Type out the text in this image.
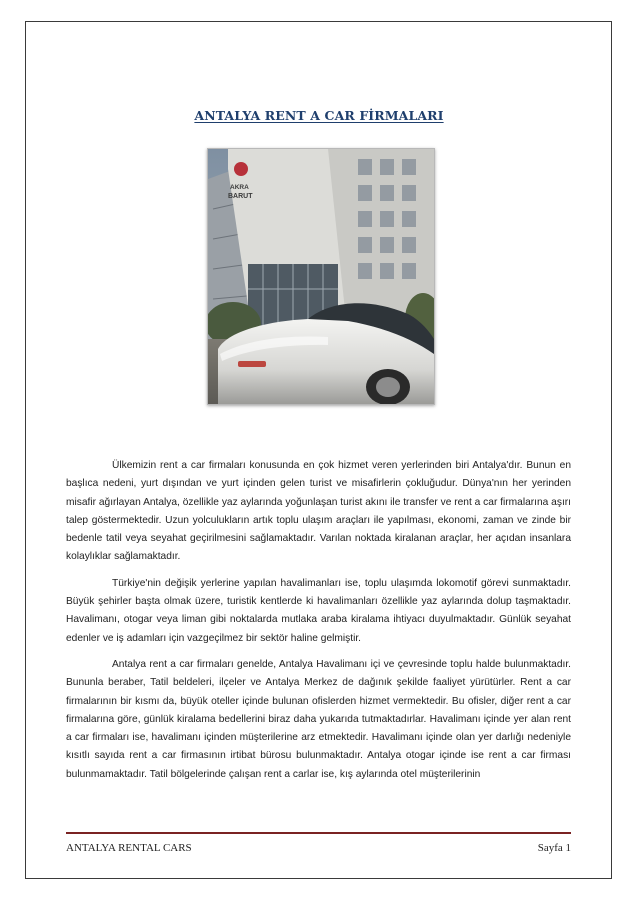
ANTALYA RENT A CAR FİRMALARI
AKRA
BARUT

Ülkemizin rent a car firmaları konusunda en çok hizmet veren yerlerinden biri Antalya'dır. Bunun en başlıca nedeni, yurt dışından ve yurt içinden gelen turist ve misafirlerin çokluğudur. Dünya'nın her yerinden misafir ağırlayan Antalya, özellikle yaz aylarında yoğunlaşan turist akını ile transfer ve rent a car firmalarına aşırı talep göstermektedir. Uzun yolculukların artık toplu ulaşım araçları ile yapılması, ekonomi, zaman ve zinde bir bedenle tatil veya seyahat geçirilmesini sağlamaktadır. Varılan noktada kiralanan araçlar, her açıdan insanlara kolaylıklar sağlamaktadır.

Türkiye'nin değişik yerlerine yapılan havalimanları ise, toplu ulaşımda lokomotif görevi sunmaktadır. Büyük şehirler başta olmak üzere, turistik kentlerde ki havalimanları özellikle yaz aylarında dolup taşmaktadır. Havalimanı, otogar veya liman gibi noktalarda mutlaka araba kiralama ihtiyacı duyulmaktadır. Günlük seyahat edenler ve iş adamları için vazgeçilmez bir sektör haline gelmiştir.

Antalya rent a car firmaları genelde, Antalya Havalimanı içi ve çevresinde toplu halde bulunmaktadır. Bununla beraber, Tatil beldeleri, ilçeler ve Antalya Merkez de dağınık şekilde faaliyet yürütürler. Rent a car firmalarının bir kısmı da, büyük oteller içinde bulunan ofislerden hizmet vermektedir. Bu ofisler, diğer rent a car firmalarına göre, günlük kiralama bedellerini biraz daha yukarıda tutmaktadırlar. Havalimanı içinde yer alan rent a car firmaları ise, havalimanı içinden müşterilerine arz etmektedir. Havalimanı içinde olan yer darlığı nedeniyle kısıtlı sayıda rent a car firmasının irtibat bürosu bulunmaktadır. Antalya otogar içinde ise rent a car firması bulunmamaktadır. Tatil bölgelerinde çalışan rent a carlar ise, kış aylarında otel müşterilerinin

ANTALYA RENTAL CARS	Sayfa 1
